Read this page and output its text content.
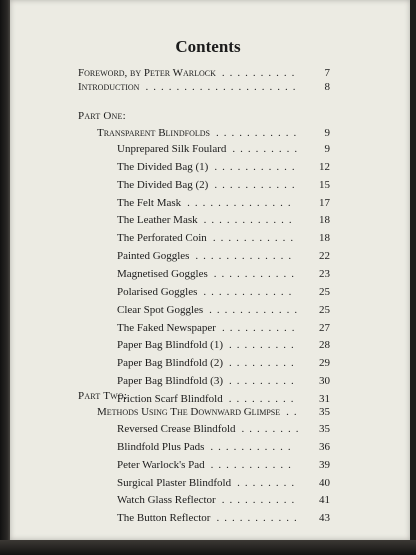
Contents
Foreword, by Peter Warlock ..........	7
Introduction ....................	8
Part One:
Transparent Blindfolds ...........	9
Unprepared Silk Foulard .........	9
The Divided Bag (1) ...........	12
The Divided Bag (2) ...........	15
The Felt Mask ..............	17
The Leather Mask ............	18
The Perforated Coin ...........	18
Painted Goggles .............	22
Magnetised Goggles ...........	23
Polarised Goggles ............	25
Clear Spot Goggles ............	25
The Faked Newspaper ..........	27
Paper Bag Blindfold (1) .........	28
Paper Bag Blindfold (2) .........	29
Paper Bag Blindfold (3) .........	30
Friction Scarf Blindfold .........	31
Part Two:
Methods Using The Downward Glimpse ..	35
Reversed Crease Blindfold ........	35
Blindfold Plus Pads ...........	36
Peter Warlock's Pad ...........	39
Surgical Plaster Blindfold ........	40
Watch Glass Reflector ..........	41
The Button Reflector ...........	43
